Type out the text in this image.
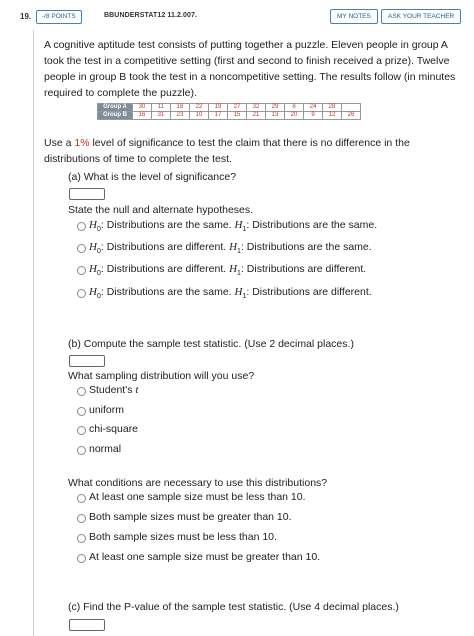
19.	-/8 POINTS	BBUNDERSTAT12 11.2.007.	MY NOTES	ASK YOUR TEACHER
A cognitive aptitude test consists of putting together a puzzle. Eleven people in group A took the test in a competitive setting (first and second to finish received a prize). Twelve people in group B took the test in a noncompetitive setting. The results follow (in minutes required to complete the puzzle).
Group A	30	11	18	22	19	27	32	29	8	24	28	
Group B	16	31	23	10	17	15	21	13	20	9	12	26
Use a 1% level of significance to test the claim that there is no difference in the distributions of time to complete the test.
(a) What is the level of significance?
State the null and alternate hypotheses.
$H_0$: Distributions are the same. $H_1$: Distributions are the same.
$H_0$: Distributions are different. $H_1$: Distributions are the same.
$H_0$: Distributions are different. $H_1$: Distributions are different.
$H_0$: Distributions are the same. $H_1$: Distributions are different.
(b) Compute the sample test statistic. (Use 2 decimal places.)
What sampling distribution will you use?
Student's t
uniform
chi-square
normal
What conditions are necessary to use this distributions?
At least one sample size must be less than 10.
Both sample sizes must be greater than 10.
Both sample sizes must be less than 10.
At least one sample size must be greater than 10.
(c) Find the P-value of the sample test statistic. (Use 4 decimal places.)
